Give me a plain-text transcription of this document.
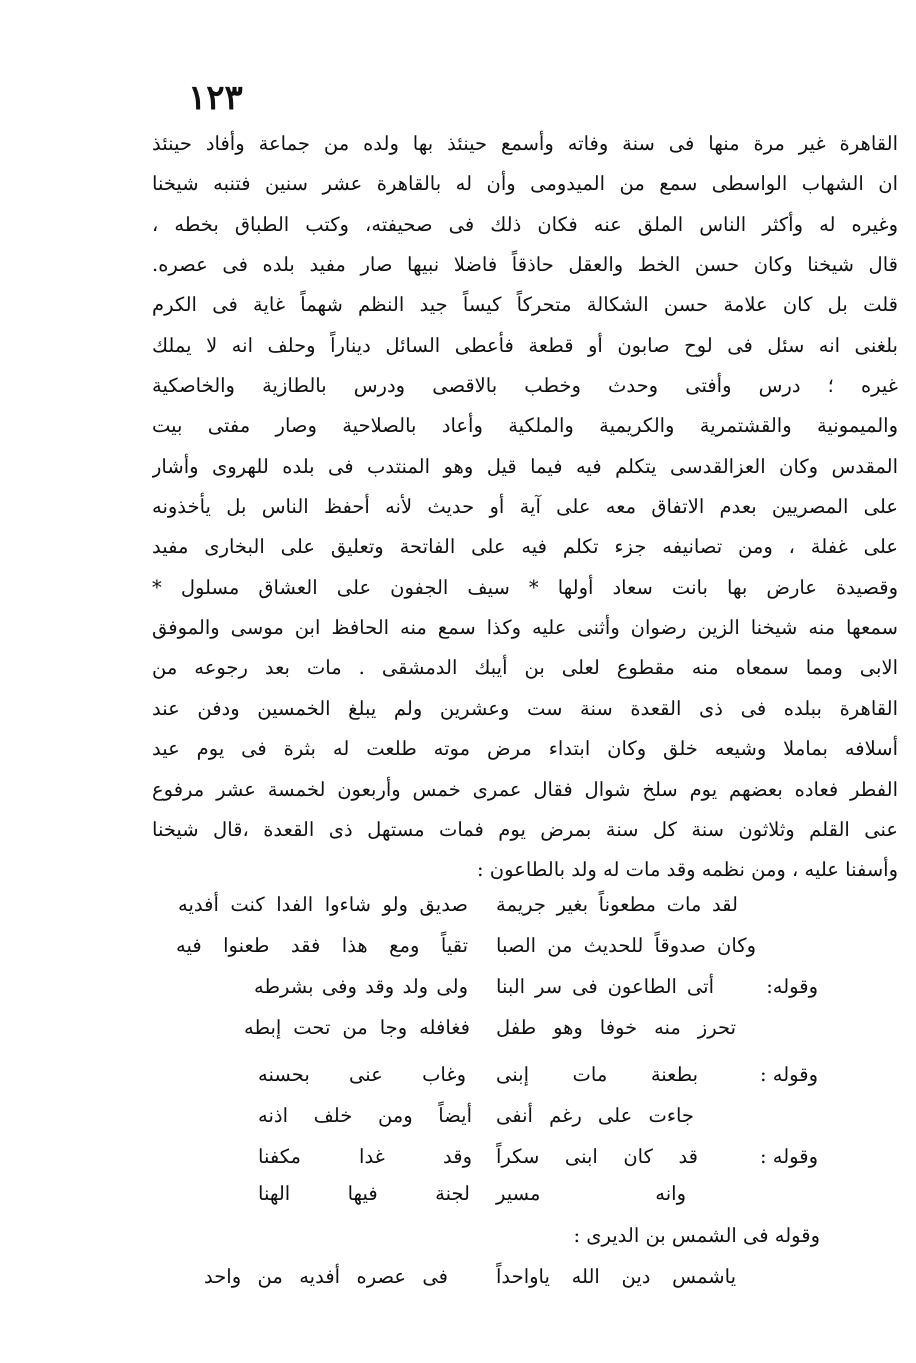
١٢٣
القاهرة غير مرة منها فى سنة وفاته وأسمع حينئذ بها ولده من جماعة وأفاد حينئذ
ان الشهاب الواسطى سمع من الميدومى وأن له بالقاهرة عشر سنين فتنبه شيخنا
وغيره له وأكثر الناس الملق عنه فكان ذلك فى صحيفته، وكتب الطباق بخطه ،
قال شيخنا وكان حسن الخط والعقل حاذقاً فاضلا نبيها صار مفيد بلده فى عصره.
قلت بل كان علامة حسن الشكالة متحركاً كيساً جيد النظم شهماً غاية فى الكرم
بلغنى انه سئل فى لوح صابون أو قطعة فأعطى السائل ديناراً وحلف انه لا يملك
غيره ؛ درس وأفتى وحدث وخطب بالاقصى ودرس بالطازية والخاصكية
والميمونية والقشتمرية والكريمية والملكية وأعاد بالصلاحية وصار مفتى بيت
المقدس وكان العزالقدسى يتكلم فيه فيما قيل وهو المنتدب فى بلده للهروى وأشار
على المصريين بعدم الاتفاق معه على آية أو حديث لأنه أحفظ الناس بل يأخذونه
على غفلة ، ومن تصانيفه جزء تكلم فيه على الفاتحة وتعليق على البخارى مفيد
وقصيدة عارض بها بانت سعاد أولها * سيف الجفون على العشاق مسلول *
سمعها منه شيخنا الزين رضوان وأثنى عليه وكذا سمع منه الحافظ ابن موسى والموفق
الابى ومما سمعاه منه مقطوع لعلى بن أيبك الدمشقى . مات بعد رجوعه من
القاهرة ببلده فى ذى القعدة سنة ست وعشرين ولم يبلغ الخمسين ودفن عند
أسلافه بماملا وشيعه خلق وكان ابتداء مرض موته طلعت له بثرة فى يوم عيد
الفطر فعاده بعضهم يوم سلخ شوال فقال عمرى خمس وأربعون لخمسة عشر مرفوع
عنى القلم وثلاثون سنة كل سنة بمرض يوم فمات مستهل ذى القعدة ،قال شيخنا
وأسفنا عليه ، ومن نظمه وقد مات له ولد بالطاعون :
لقد مات مطعوناً بغير جريمة
صديق ولو شاءوا الفدا كنت أفديه
وكان صدوقاً للحديث من الصبا
تقياً ومع هذا فقد طعنوا فيه
وقوله:
أتى الطاعون فى سر البنا
ولى ولد وقد وفى بشرطه
تحرز منه خوفا وهو طفل
فغافله وجا من تحت إبطه
وقوله :
بطعنة مات إبنى
وغاب عنى بحسنه
جاءت على رغم أنفى
أيضاً ومن خلف اذنه
وقوله :
قد كان ابنى سكراً
وقد غدا مكفنا
وانه مسير
لجنة فيها الهنا
وقوله فى الشمس بن الديرى :
ياشمس دين الله ياواحداً
فى عصره أفديه من واحد
